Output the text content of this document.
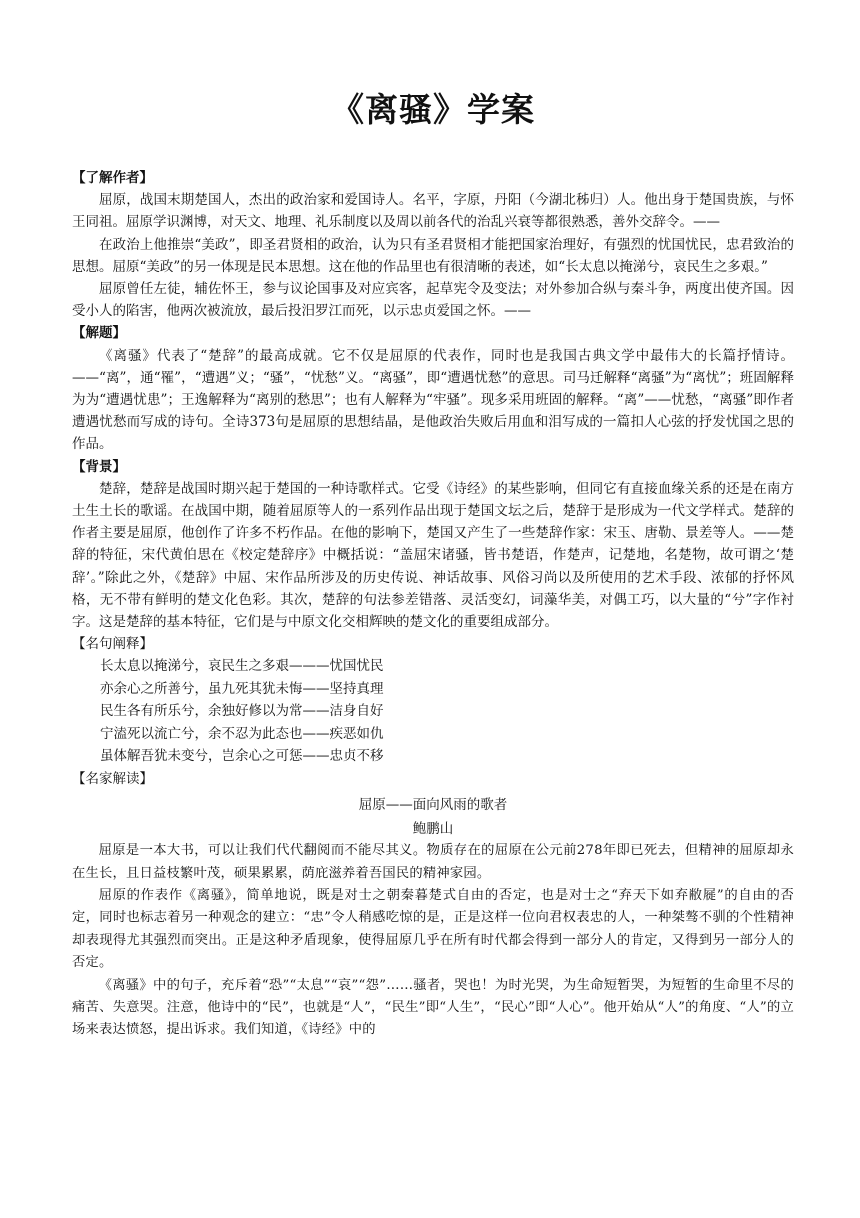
《离骚》学案
【了解作者】

屈原，战国末期楚国人，杰出的政治家和爱国诗人。名平，字原，丹阳（今湖北秭归）人。他出身于楚国贵族，与怀王同祖。屈原学识渊博，对天文、地理、礼乐制度以及周以前各代的治乱兴衰等都很熟悉，善外交辞令。——

在政治上他推崇“美政”，即圣君贤相的政治，认为只有圣君贤相才能把国家治理好，有强烈的忧国忧民，忠君致治的思想。屈原“美政”的另一体现是民本思想。这在他的作品里也有很清晰的表述，如“长太息以掩涕兮，哀民生之多艰。”

屈原曾任左徒，辅佐怀王，参与议论国事及对应宾客，起草宪令及变法；对外参加合纵与秦斗争，两度出使齐国。因受小人的陷害，他两次被流放，最后投汨罗江而死，以示忠贞爱国之怀。——

【解题】

《离骚》代表了“楚辞”的最高成就。它不仅是屈原的代表作，同时也是我国古典文学中最伟大的长篇抒情诗。——“离”，通“罹”，“遭遇”义；“骚”，“忧愁”义。“离骚”，即“遭遇忧愁”的意思。司马迁解释“离骚”为“离忧”；班固解释为为“遭遇忧患”；王逸解释为“离别的愁思”；也有人解释为“牢骚”。现多采用班固的解释。“离”——忧愁，“离骚”即作者遭遇忧愁而写成的诗句。全诗373句是屈原的思想结晶，是他政治失败后用血和泪写成的一篇扣人心弦的抒发忧国之思的作品。

【背景】

楚辞，楚辞是战国时期兴起于楚国的一种诗歌样式。它受《诗经》的某些影响，但同它有直接血缘关系的还是在南方土生土长的歌谣。在战国中期，随着屈原等人的一系列作品出现于楚国文坛之后，楚辞于是形成为一代文学样式。楚辞的作者主要是屈原，他创作了许多不朽作品。在他的影响下，楚国又产生了一些楚辞作家：宋玉、唐勒、景差等人。——楚辞的特征，宋代黄伯思在《校定楚辞序》中概括说：“盖屈宋诸骚，皆书楚语，作楚声，记楚地，名楚物，故可谓之‘楚辞’。”除此之外，《楚辞》中屈、宋作品所涉及的历史传说、神话故事、风俗习尚以及所使用的艺术手段、浓郁的抒怀风格，无不带有鲜明的楚文化色彩。其次，楚辞的句法参差错落、灵活变幻，词藻华美，对偶工巧，以大量的“兮”字作衬字。这是楚辞的基本特征，它们是与中原文化交相辉映的楚文化的重要组成部分。

【名句阐释】
长太息以掩涕兮，哀民生之多艰———忧国忧民
亦余心之所善兮，虽九死其犹未悔——坚持真理
民生各有所乐兮，余独好修以为常——洁身自好
宁溘死以流亡兮，余不忍为此态也——疾恶如仇
虽体解吾犹未变兮，岂余心之可惩——忠贞不移
【名家解读】
屈原——面向风雨的歌者
鲍鹏山

屈原是一本大书，可以让我们代代翻阅而不能尽其义。物质存在的屈原在公元前278年即已死去，但精神的屈原却永在生长，且日益枝繁叶茂，硕果累累，荫庇滋养着吾国民的精神家园。

屈原的作表作《离骚》，简单地说，既是对士之朝秦暮楚式自由的否定，也是对士之“弃天下如弃敝屣”的自由的否定，同时也标志着另一种观念的建立：“忠”令人稍感吃惊的是，正是这样一位向君权表忠的人，一种桀骜不驯的个性精神却表现得尤其强烈而突出。正是这种矛盾现象，使得屈原几乎在所有时代都会得到一部分人的肯定，又得到另一部分人的否定。

《离骚》中的句子，充斥着“恐”“太息”“哀”“怨”……骚者，哭也！为时光哭，为生命短暂哭，为短暂的生命里不尽的痛苦、失意哭。注意，他诗中的“民”，也就是“人”，“民生”即“人生”，“民心”即“人心”。他开始从“人”的角度、“人”的立场来表达愤怒，提出诉求。我们知道，《诗经》中的
